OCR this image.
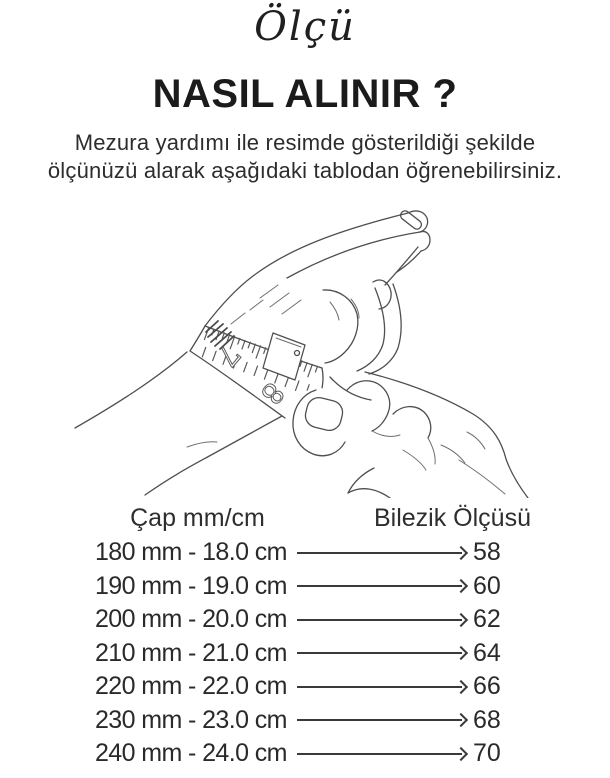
Ölçü
NASIL ALINIR ?

Mezura yardımı ile resimde gösterildiği şekilde
ölçünüzü alarak aşağıdaki tablodan öğrenebilirsiniz.

7
8
Çap mm/cm	Bilezik Ölçüsü
180 mm - 18.0 cm	58
190 mm - 19.0 cm	60
200 mm - 20.0 cm	62
210 mm - 21.0 cm	64
220 mm - 22.0 cm	66
230 mm - 23.0 cm	68
240 mm - 24.0 cm	70
